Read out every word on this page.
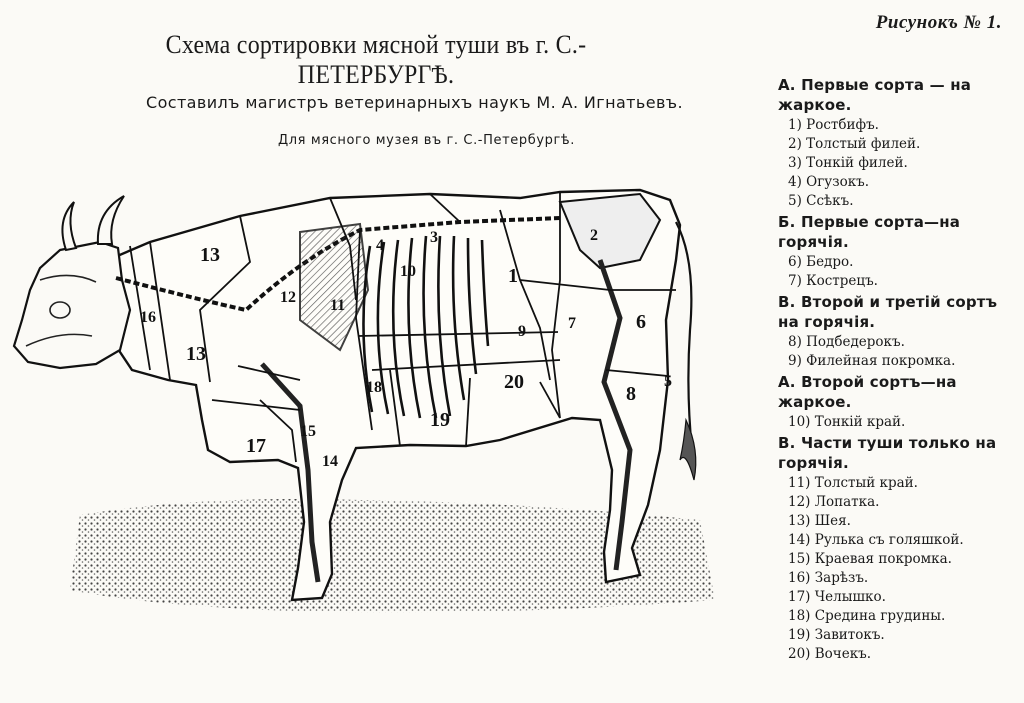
Рисунокъ № 1.
Схема сортировки мясной туши въ г. С.-ПЕТЕРБУРГѢ.
Составилъ магистръ ветеринарныхъ наукъ М. А. Игнатьевъ.
Для мясного музея въ г. С.-Петербургѣ.
13
16
13
12
10
11
1
2
3
4
9	7	6
5
20
8
18
19
17
14
15
А. Первые сорта — на жаркое.
1) Ростбифъ.
2) Толстый филей.
3) Тонкій филей.
4) Огузокъ.
5) Ссѣкъ.
Б. Первые сорта—на горячія.
6) Бедро.
7) Кострецъ.
В. Второй и третій сортъ на горячія.
8) Подбедерокъ.
9) Филейная покромка.
А. Второй сортъ—на жаркое.
10) Тонкій край.
В. Части туши только на горячія.
11) Толстый край.
12) Лопатка.
13) Шея.
14) Рулька съ голяшкой.
15) Краевая покромка.
16) Зарѣзъ.
17) Челышко.
18) Средина грудины.
19) Завитокъ.
20) Вочекъ.
